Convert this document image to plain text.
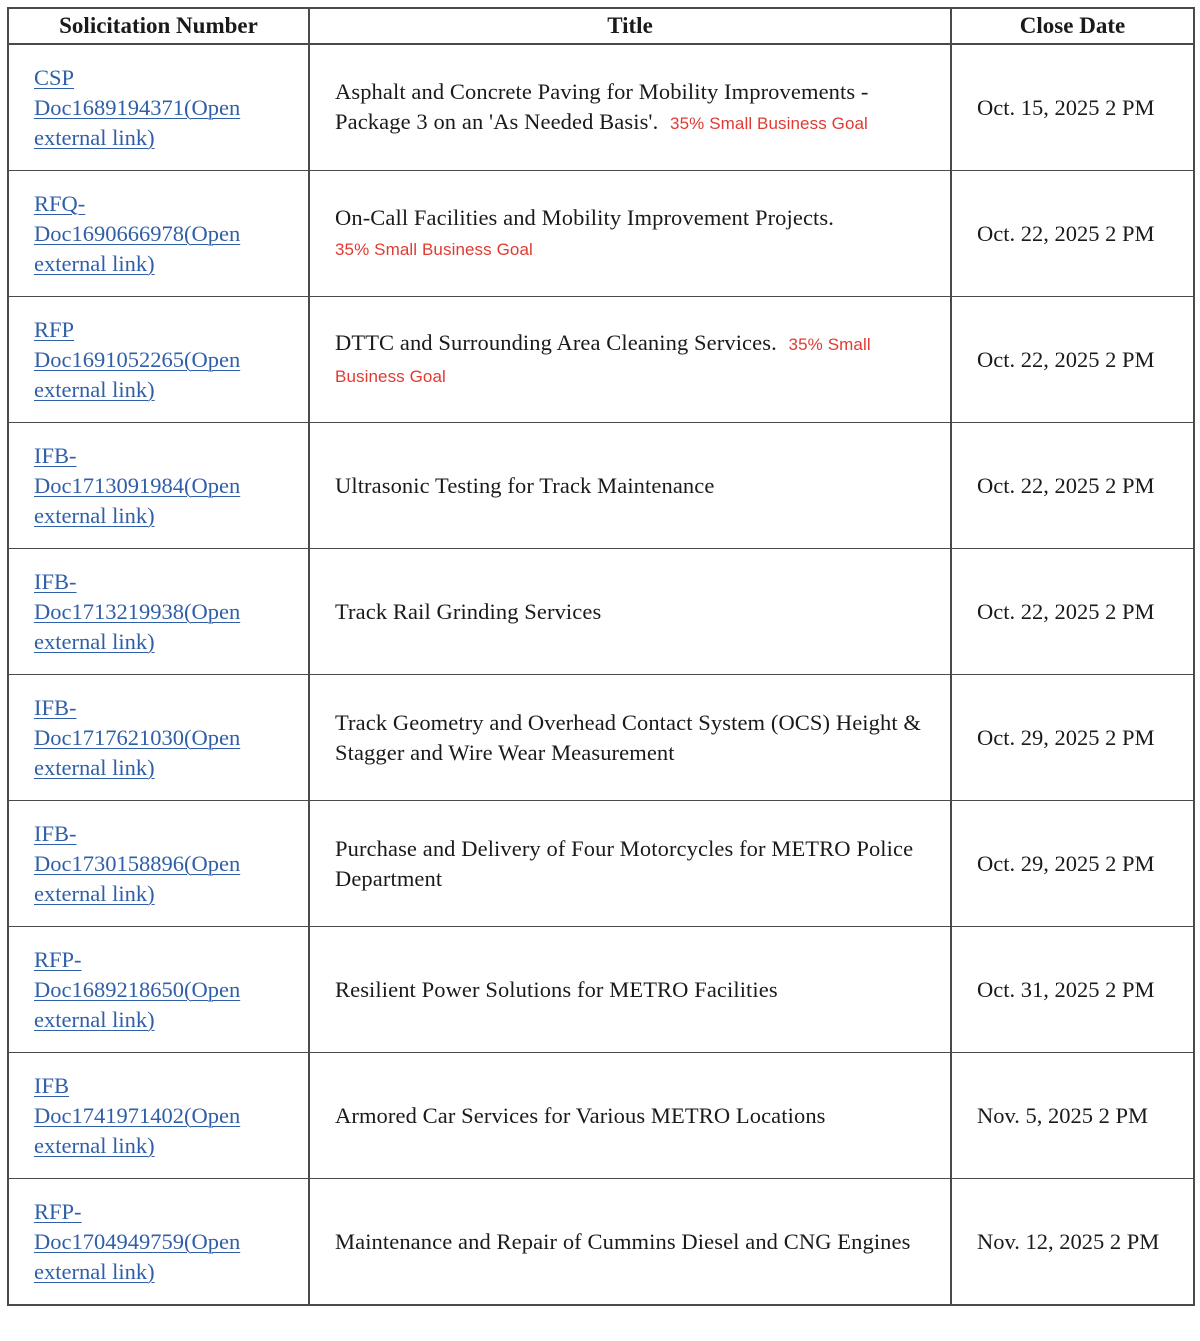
Solicitation Number	Title	Close Date

CSP
Doc1689194371(Open
external link)	Asphalt and Concrete Paving for Mobility Improvements - Package 3 on an 'As Needed Basis'. 35% Small Business Goal	Oct. 15, 2025 2 PM

RFQ-
Doc1690666978(Open
external link)	On-Call Facilities and Mobility Improvement Projects.
35% Small Business Goal	Oct. 22, 2025 2 PM

RFP
Doc1691052265(Open
external link)	DTTC and Surrounding Area Cleaning Services. 35% Small Business Goal	Oct. 22, 2025 2 PM

IFB-
Doc1713091984(Open
external link)	Ultrasonic Testing for Track Maintenance	Oct. 22, 2025 2 PM

IFB-
Doc1713219938(Open
external link)	Track Rail Grinding Services	Oct. 22, 2025 2 PM

IFB-
Doc1717621030(Open
external link)	Track Geometry and Overhead Contact System (OCS) Height & Stagger and Wire Wear Measurement	Oct. 29, 2025 2 PM

IFB-
Doc1730158896(Open
external link)	Purchase and Delivery of Four Motorcycles for METRO Police Department	Oct. 29, 2025 2 PM

RFP-
Doc1689218650(Open
external link)	Resilient Power Solutions for METRO Facilities	Oct. 31, 2025 2 PM

IFB
Doc1741971402(Open
external link)	Armored Car Services for Various METRO Locations	Nov. 5, 2025 2 PM

RFP-
Doc1704949759(Open
external link)	Maintenance and Repair of Cummins Diesel and CNG Engines	Nov. 12, 2025 2 PM
